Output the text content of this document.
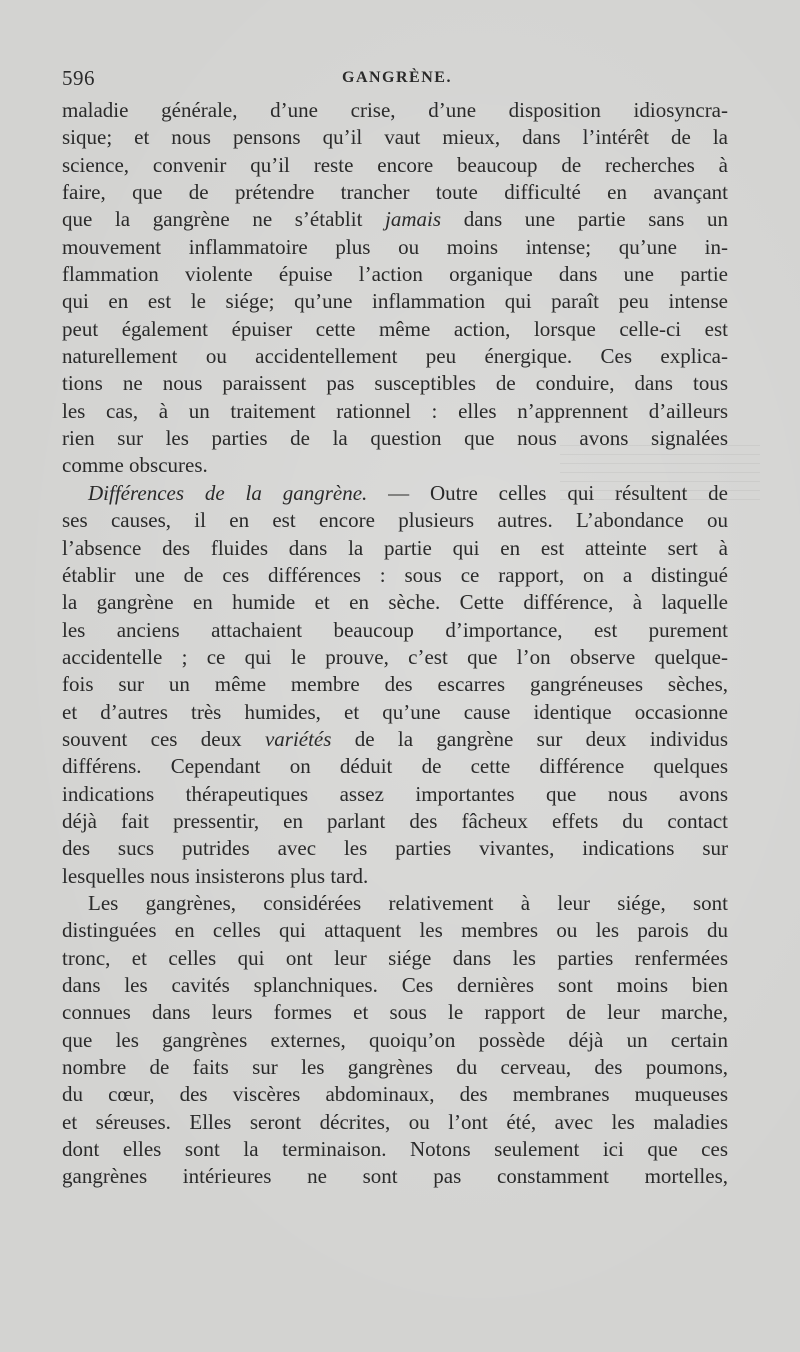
596	GANGRÈNE.
maladie générale, d’une crise, d’une disposition idiosyncra-
sique; et nous pensons qu’il vaut mieux, dans l’intérêt de la
science, convenir qu’il reste encore beaucoup de recherches à
faire, que de prétendre trancher toute difficulté en avançant
que la gangrène ne s’établit jamais dans une partie sans un
mouvement inflammatoire plus ou moins intense; qu’une in-
flammation violente épuise l’action organique dans une partie
qui en est le siége; qu’une inflammation qui paraît peu intense
peut également épuiser cette même action, lorsque celle-ci est
naturellement ou accidentellement peu énergique. Ces explica-
tions ne nous paraissent pas susceptibles de conduire, dans tous
les cas, à un traitement rationnel : elles n’apprennent d’ailleurs
rien sur les parties de la question que nous avons signalées
comme obscures.
Différences de la gangrène. — Outre celles qui résultent de
ses causes, il en est encore plusieurs autres. L’abondance ou
l’absence des fluides dans la partie qui en est atteinte sert à
établir une de ces différences : sous ce rapport, on a distingué
la gangrène en humide et en sèche. Cette différence, à laquelle
les anciens attachaient beaucoup d’importance, est purement
accidentelle ; ce qui le prouve, c’est que l’on observe quelque-
fois sur un même membre des escarres gangréneuses sèches,
et d’autres très humides, et qu’une cause identique occasionne
souvent ces deux variétés de la gangrène sur deux individus
différens. Cependant on déduit de cette différence quelques
indications thérapeutiques assez importantes que nous avons
déjà fait pressentir, en parlant des fâcheux effets du contact
des sucs putrides avec les parties vivantes, indications sur
lesquelles nous insisterons plus tard.
Les gangrènes, considérées relativement à leur siége, sont
distinguées en celles qui attaquent les membres ou les parois du
tronc, et celles qui ont leur siége dans les parties renfermées
dans les cavités splanchniques. Ces dernières sont moins bien
connues dans leurs formes et sous le rapport de leur marche,
que les gangrènes externes, quoiqu’on possède déjà un certain
nombre de faits sur les gangrènes du cerveau, des poumons,
du cœur, des viscères abdominaux, des membranes muqueuses
et séreuses. Elles seront décrites, ou l’ont été, avec les maladies
dont elles sont la terminaison. Notons seulement ici que ces
gangrènes intérieures ne sont pas constamment mortelles,
